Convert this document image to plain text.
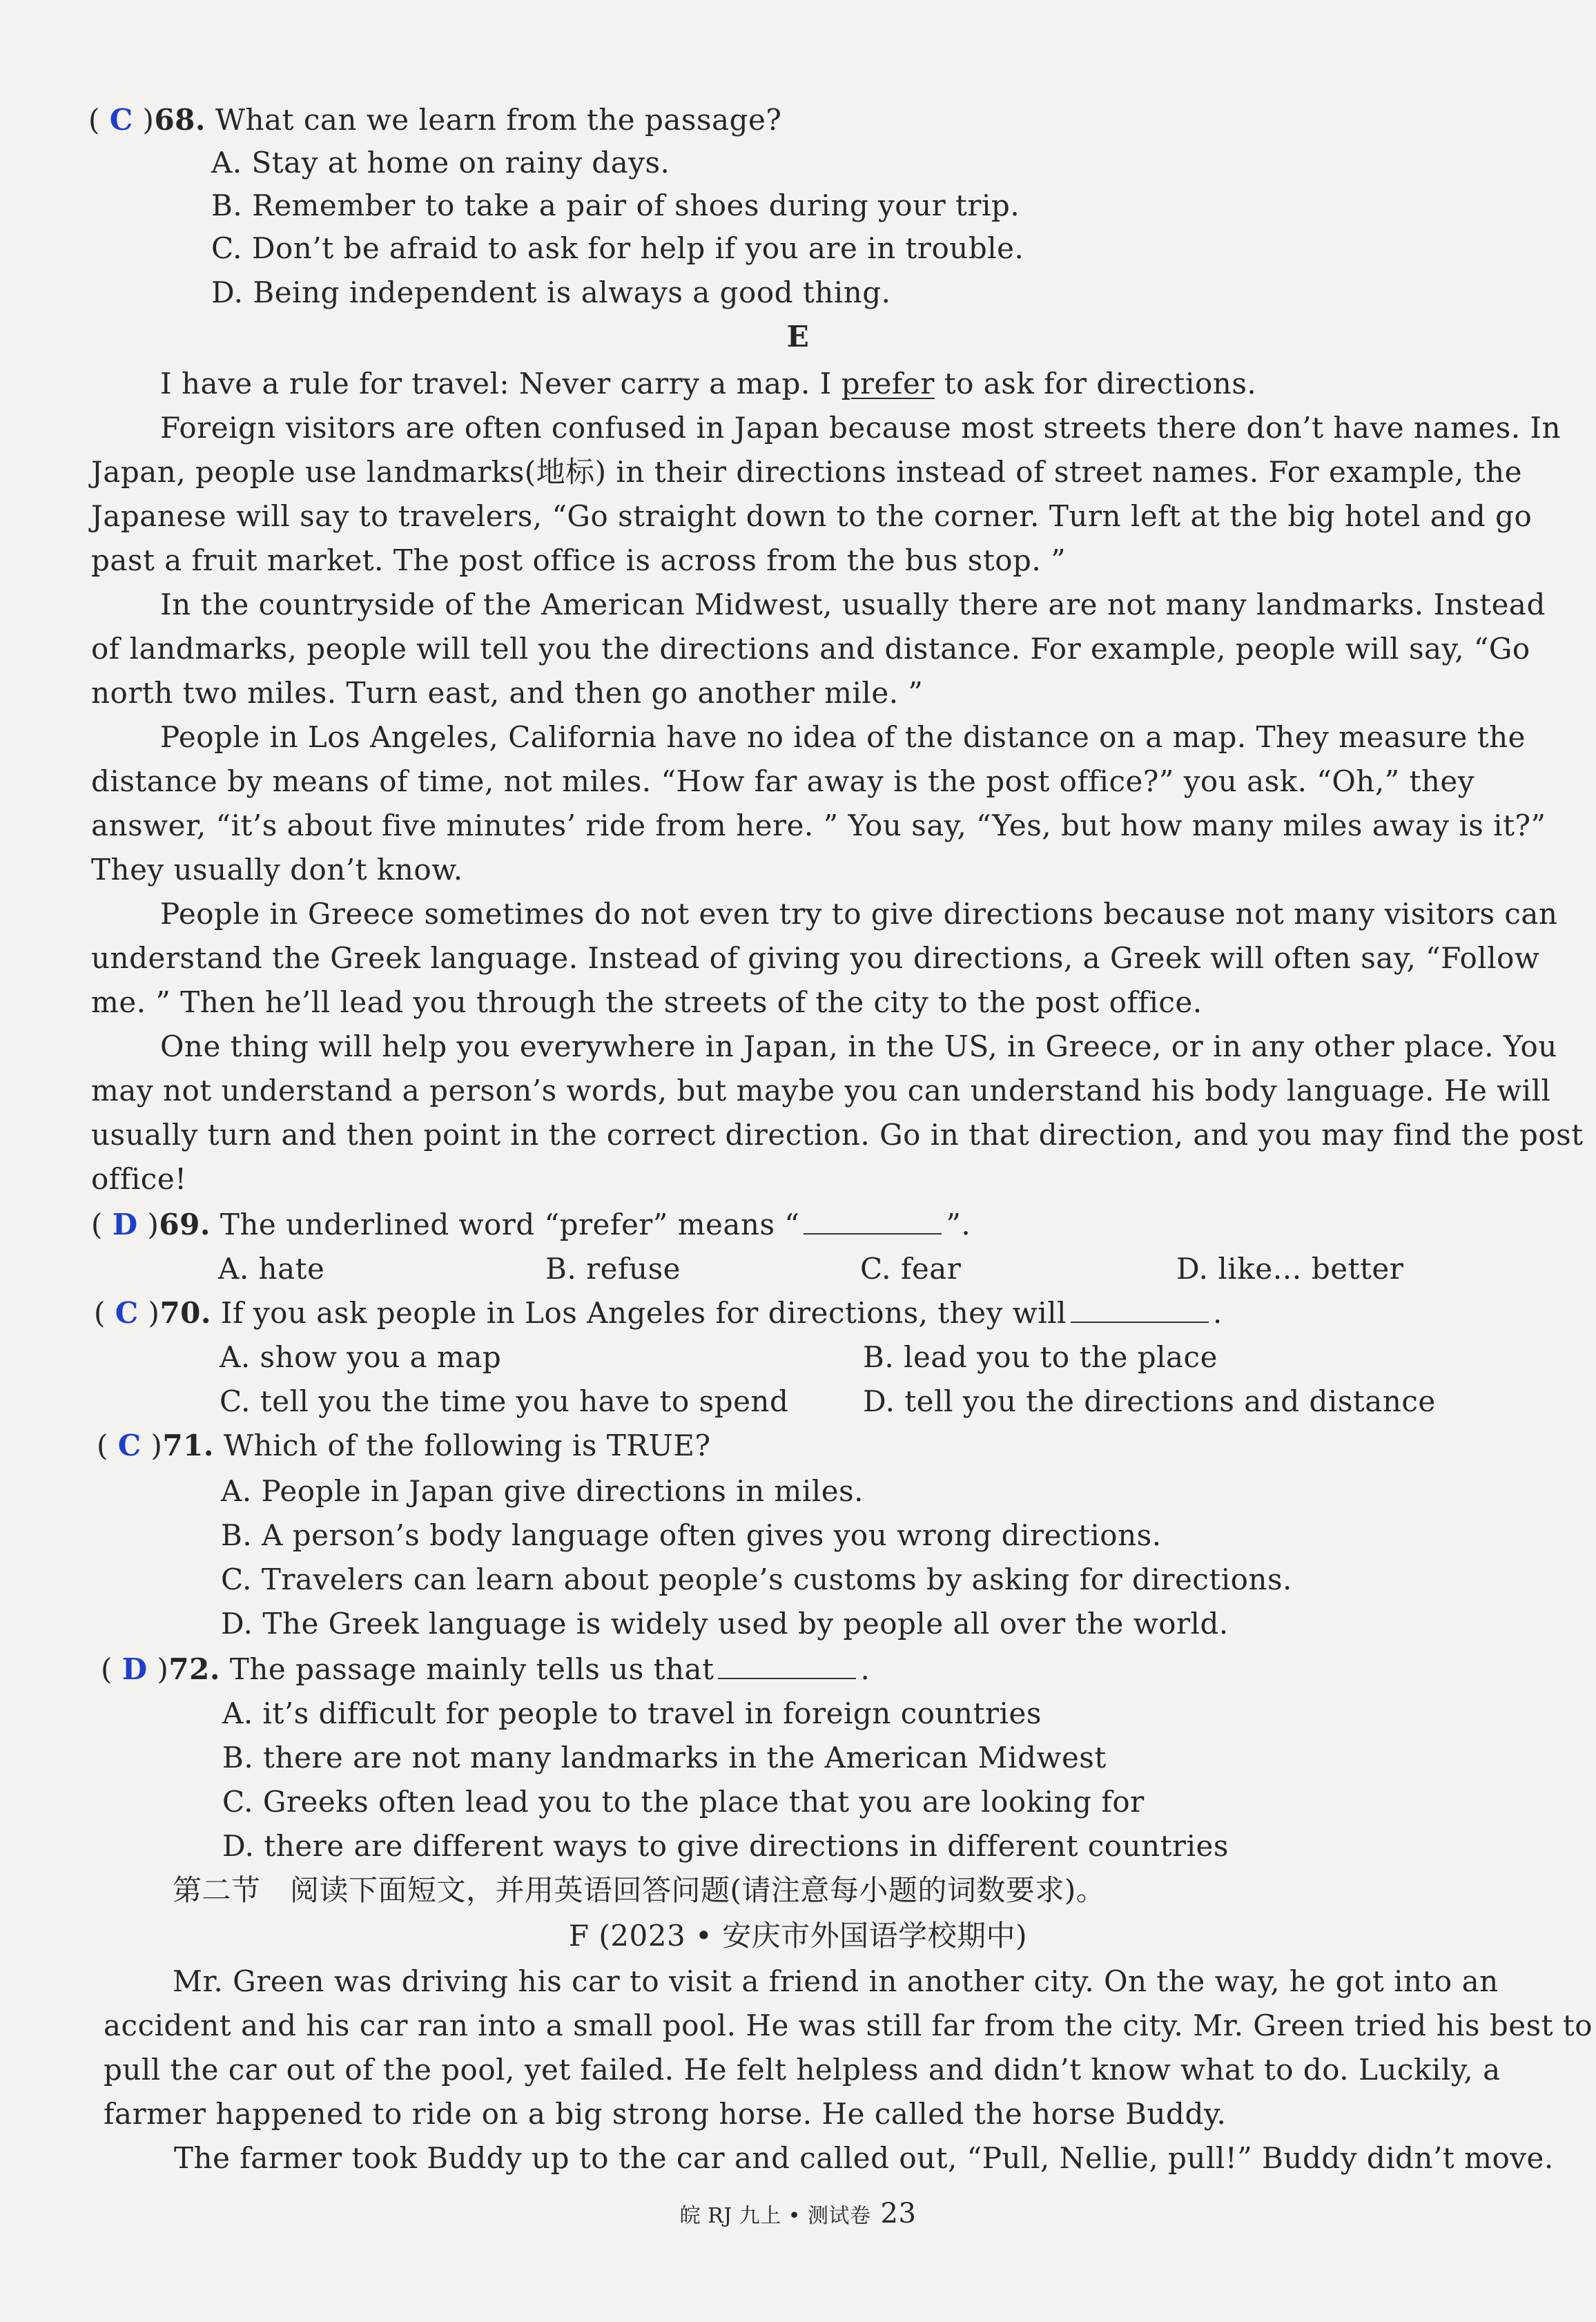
( C )68. What can we learn from the passage?
A. Stay at home on rainy days.
B. Remember to take a pair of shoes during your trip.
C. Don’t be afraid to ask for help if you are in trouble.
D. Being independent is always a good thing.
E
I have a rule for travel: Never carry a map. I prefer to ask for directions.
Foreign visitors are often confused in Japan because most streets there don’t have names. In
Japan, people use landmarks(地标) in their directions instead of street names. For example, the
Japanese will say to travelers, “Go straight down to the corner. Turn left at the big hotel and go
past a fruit market. The post office is across from the bus stop. ”
In the countryside of the American Midwest, usually there are not many landmarks. Instead
of landmarks, people will tell you the directions and distance. For example, people will say, “Go
north two miles. Turn east, and then go another mile. ”
People in Los Angeles, California have no idea of the distance on a map. They measure the
distance by means of time, not miles. “How far away is the post office?” you ask. “Oh,” they
answer, “it’s about five minutes’ ride from here. ” You say, “Yes, but how many miles away is it?”
They usually don’t know.
People in Greece sometimes do not even try to give directions because not many visitors can
understand the Greek language. Instead of giving you directions, a Greek will often say, “Follow
me. ” Then he’ll lead you through the streets of the city to the post office.
One thing will help you everywhere in Japan, in the US, in Greece, or in any other place. You
may not understand a person’s words, but maybe you can understand his body language. He will
usually turn and then point in the correct direction. Go in that direction, and you may find the post
office!
( D )69. The underlined word “prefer” means “	”.
A. hate	B. refuse	C. fear	D. like… better
( C )70. If you ask people in Los Angeles for directions, they will	.
A. show you a map	B. lead you to the place
C. tell you the time you have to spend	D. tell you the directions and distance
( C )71. Which of the following is TRUE?
A. People in Japan give directions in miles.
B. A person’s body language often gives you wrong directions.
C. Travelers can learn about people’s customs by asking for directions.
D. The Greek language is widely used by people all over the world.
( D )72. The passage mainly tells us that	.
A. it’s difficult for people to travel in foreign countries
B. there are not many landmarks in the American Midwest
C. Greeks often lead you to the place that you are looking for
D. there are different ways to give directions in different countries
第二节　阅读下面短文，并用英语回答问题(请注意每小题的词数要求)。
F (2023 • 安庆市外国语学校期中)
Mr. Green was driving his car to visit a friend in another city. On the way, he got into an
accident and his car ran into a small pool. He was still far from the city. Mr. Green tried his best to
pull the car out of the pool, yet failed. He felt helpless and didn’t know what to do. Luckily, a
farmer happened to ride on a big strong horse. He called the horse Buddy.
The farmer took Buddy up to the car and called out, “Pull, Nellie, pull!” Buddy didn’t move.
皖 RJ 九上 • 测试卷 23
